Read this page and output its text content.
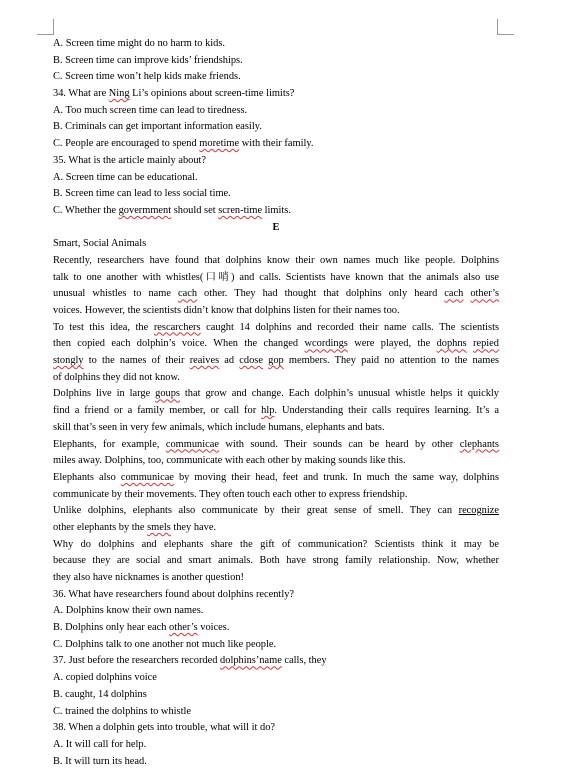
A. Screen time might do no harm to kids.
B. Screen time can improve kids’ friendships.
C. Screen time won’t help kids make friends.
34. What are Ning Li’s opinions about screen-time limits?
A. Too much screen time can lead to tiredness.
B. Criminals can get important information easily.
C. People are encouraged to spend moretime with their family.
35. What is the article mainly about?
A. Screen time can be educational.
B. Screen time can lead to less social time.
C. Whether the govermment should set scren-time limits.
E
Smart, Social Animals
Recently, researchers have found that dolphins know their own names much like people. Dolphins
talk to one another with whistles(口哨) and calls. Scientists have known that the animals also use
unusual whistles to name cach other. They had thought that dolphins only heard cach other’s
voices. However, the scientists didn’t know that dolphins listen for their names too.
To test this idea, the rescarchers caught 14 dolphins and recorded their name calls. The scientists
then copied each dolphin’s voice. When the changed wcordings were played, the dophns repied
stongly to the names of their reaives ad cdose gop members. They paid no attention to the names
of dolphins they did not know.
Dolphins live in large goups that grow and change. Each dolphin’s unusual whistle helps it quickly
find a friend or a family member, or call for hlp. Understanding their calls requires learning. It’s a
skill that’s seen in very few animals, which include humans, elephants and bats.
Elephants, for example, communicae with sound. Their sounds can be heard by other clephants
miles away. Dolphins, too, communicate with each other by making sounds like this.
Elephants also communicae by moving their head, feet and trunk. In much the same way, dolphins
communicate by their movements. They often touch each other to express friendship.
Unlike dolphins, elephants also communicate by their great sense of smell. They can recognize
other elephants by the smels they have.
Why do dolphins and elephants share the gift of communication? Scientists think it may be
because they are social and smart animals. Both have strong family relationship. Now, whether
they also have nicknames is another question!
36. What have researchers found about dolphins recently?
A. Dolphins know their own names.
B. Dolphins only hear each other’s voices.
C. Dolphins talk to one another not much like people.
37. Just before the researchers recorded dolphins’name calls, they
A. copied dolphins voice
B. caught, 14 dolphins
C. trained the dolphins to whistle
38. When a dolphin gets into trouble, what will it do?
A. It will call for help.
B. It will turn its head.
